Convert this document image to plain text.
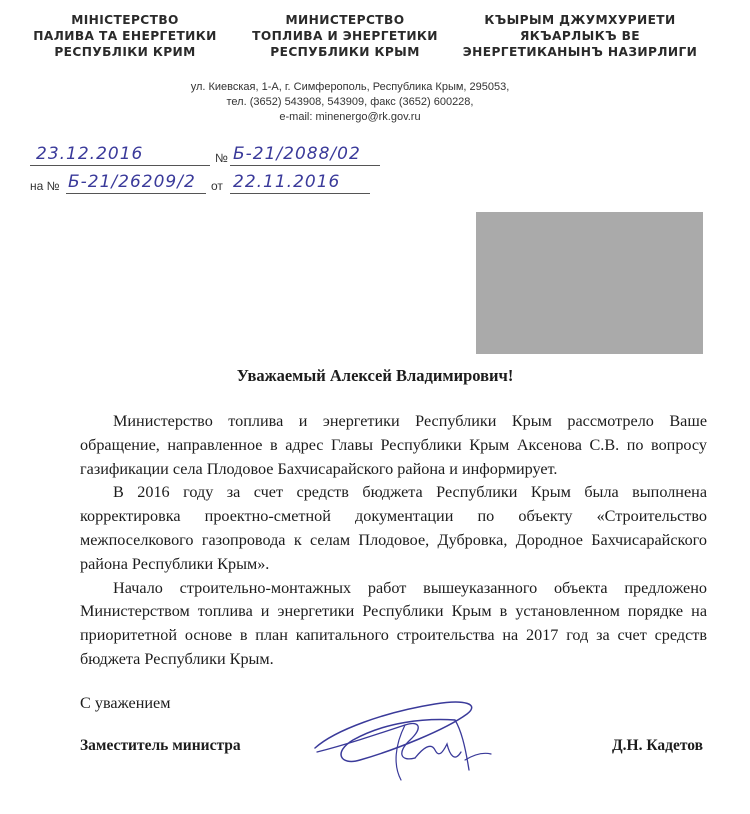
МІНІСТЕРСТВО
ПАЛИВА ТА ЕНЕРГЕТИКИ
РЕСПУБЛІКИ КРИМ
МИНИСТЕРСТВО
ТОПЛИВА И ЭНЕРГЕТИКИ
РЕСПУБЛИКИ КРЫМ
КЪЫРЫМ ДЖУМХУРИЕТИ
ЯКЪАРЛЫКЪ ВЕ
ЭНЕРГЕТИКАНЫНЪ НАЗИРЛИГИ
ул. Киевская, 1-А, г. Симферополь, Республика Крым, 295053,
тел. (3652) 543908, 543909, факс (3652) 600228,
e-mail: minenergo@rk.gov.ru
23.12.2016	№ Б-21/2088/02
на № Б-21/26209/2 от 22.11.2016
Уважаемый Алексей Владимирович!

Министерство топлива и энергетики Республики Крым рассмотрело Ваше обращение, направленное в адрес Главы Республики Крым Аксенова С.В. по вопросу газификации села Плодовое Бахчисарайского района и информирует.

В 2016 году за счет средств бюджета Республики Крым была выполнена корректировка проектно-сметной документации по объекту «Строительство межпоселкового газопровода к селам Плодовое, Дубровка, Дородное Бахчисарайского района Республики Крым».

Начало строительно-монтажных работ вышеуказанного объекта предложено Министерством топлива и энергетики Республики Крым в установленном порядке на приоритетной основе в план капитального строительства на 2017 год за счет средств бюджета Республики Крым.

С уважением
Заместитель министра	Д.Н. Кадетов
